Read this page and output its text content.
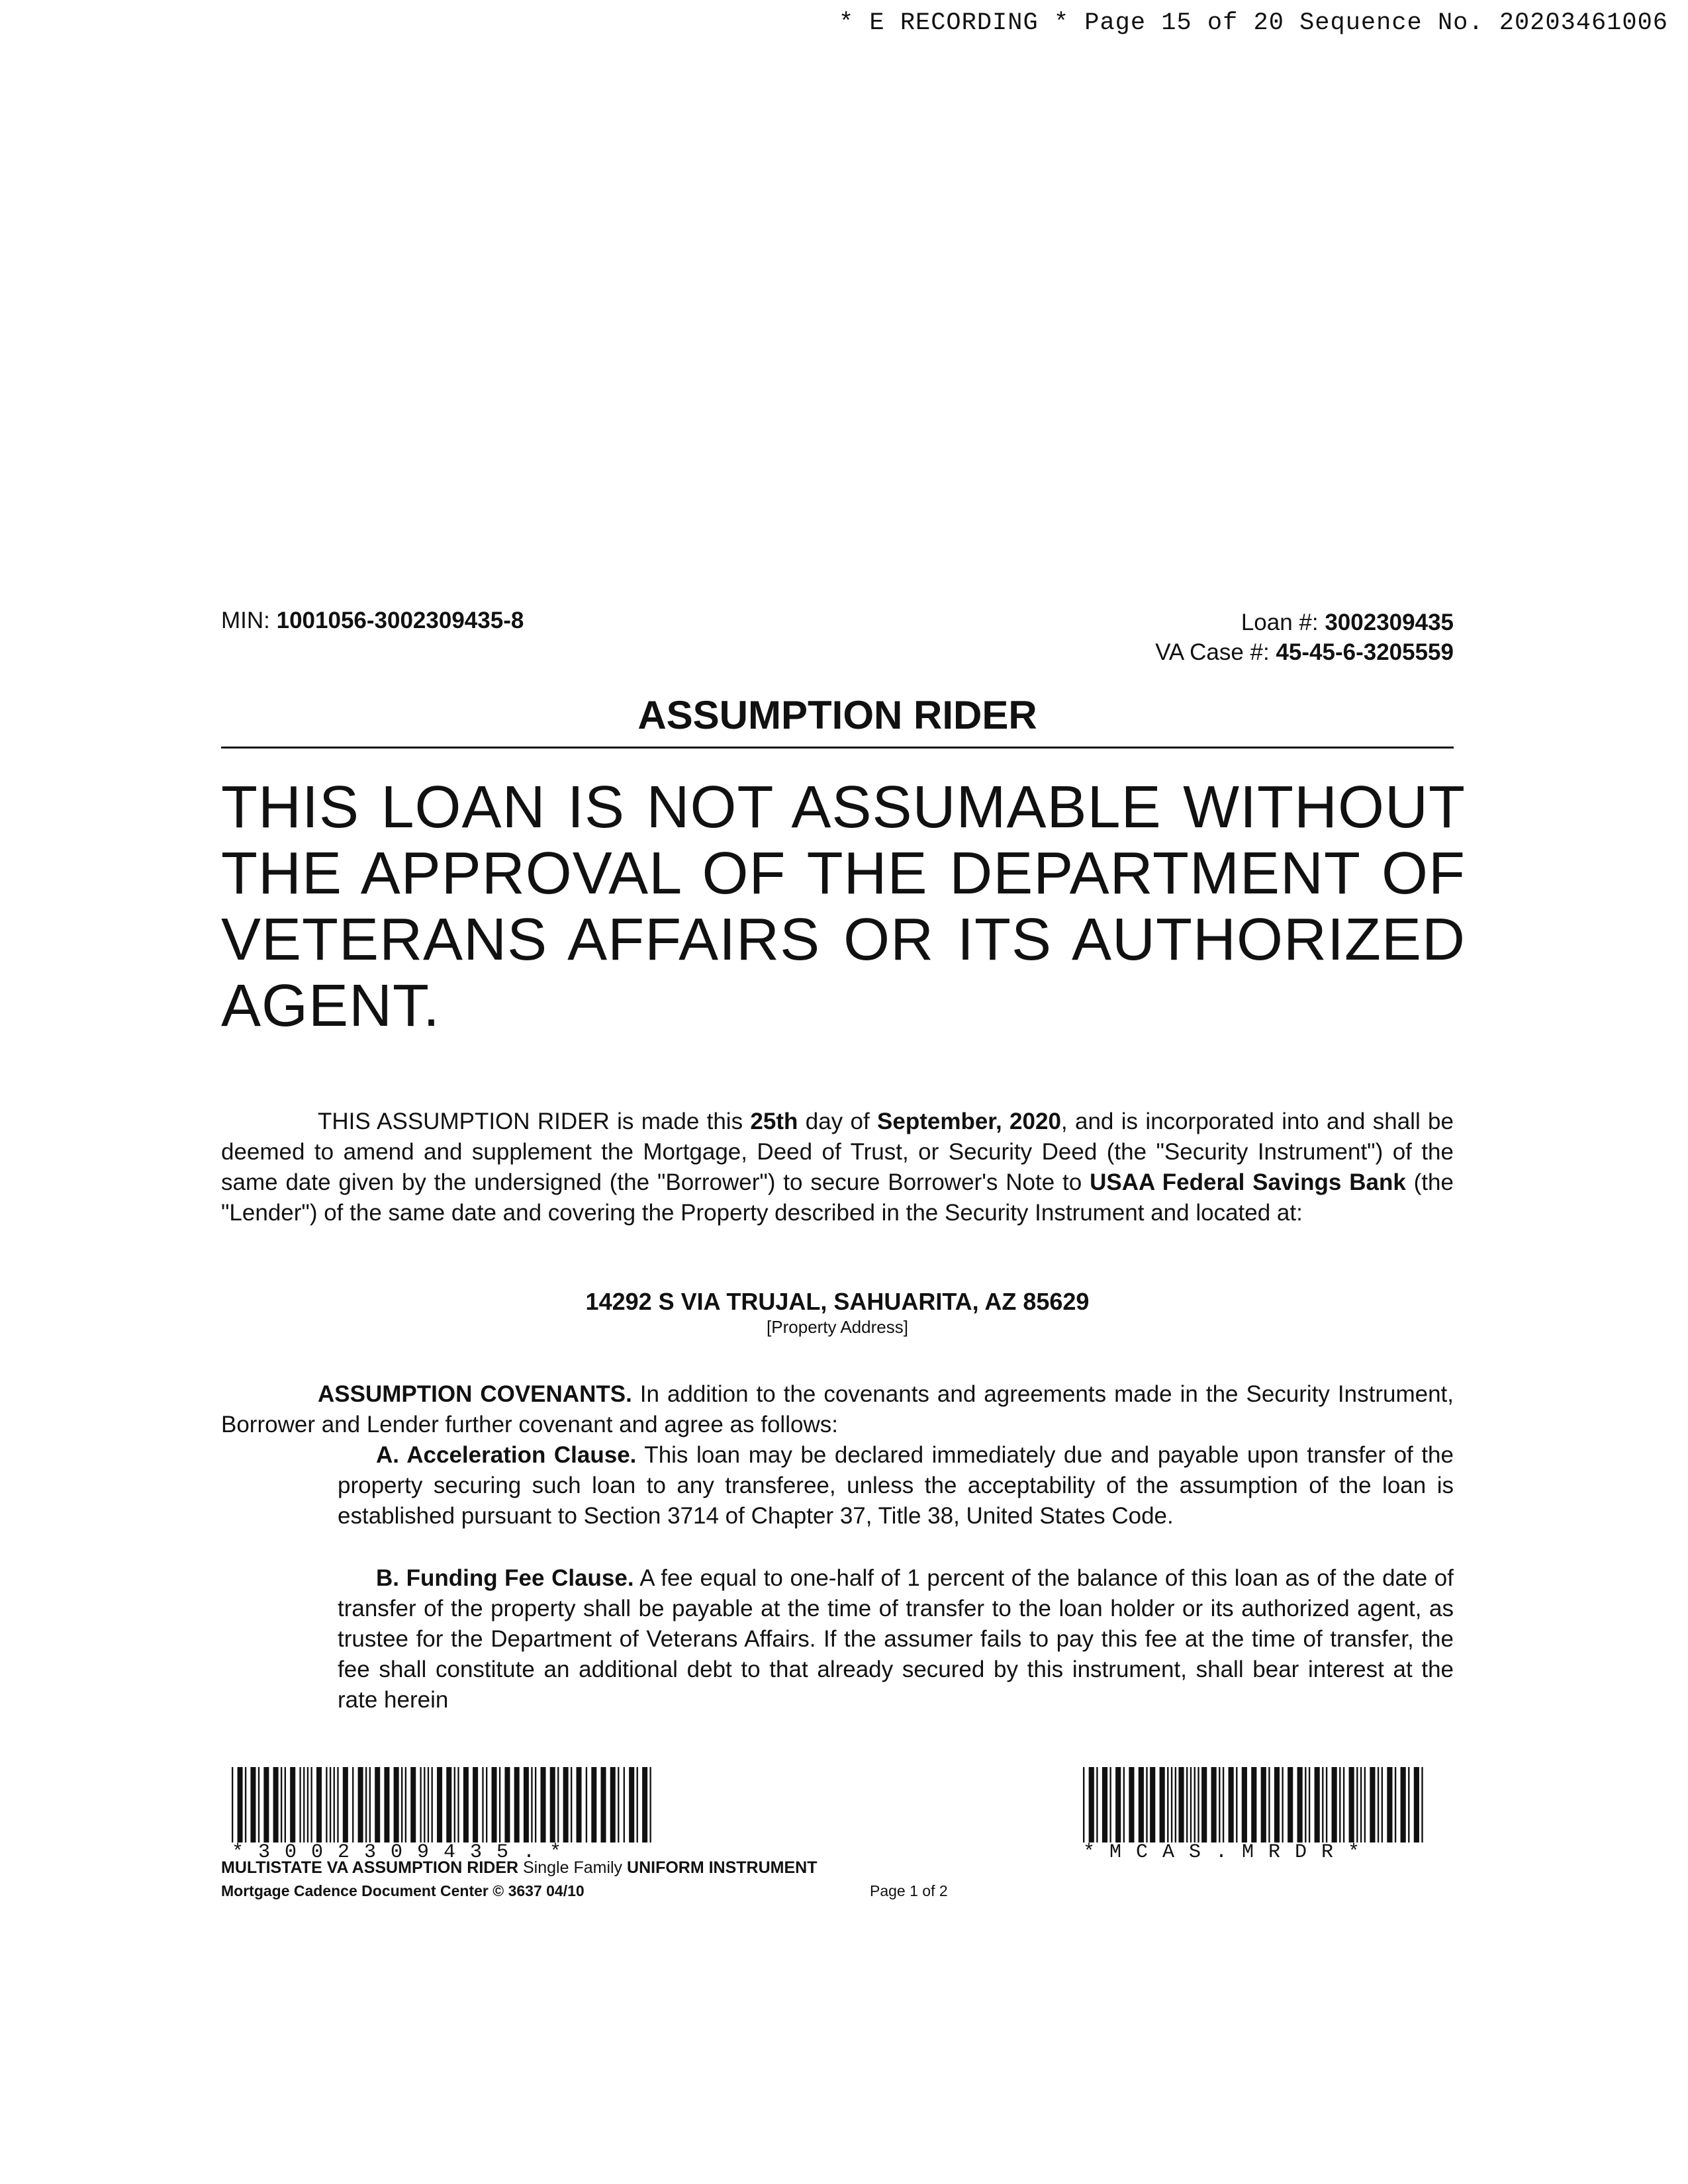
* E RECORDING * Page 15 of 20 Sequence No. 20203461006
MIN: 1001056-3002309435-8	Loan #: 3002309435
VA Case #: 45-45-6-3205559
ASSUMPTION RIDER
THIS LOAN IS NOT ASSUMABLE WITHOUT THE APPROVAL OF THE DEPARTMENT OF VETERANS AFFAIRS OR ITS AUTHORIZED AGENT.
THIS ASSUMPTION RIDER is made this 25th day of September, 2020, and is incorporated into and shall be deemed to amend and supplement the Mortgage, Deed of Trust, or Security Deed (the "Security Instrument") of the same date given by the undersigned (the "Borrower") to secure Borrower's Note to USAA Federal Savings Bank (the "Lender") of the same date and covering the Property described in the Security Instrument and located at:
14292 S VIA TRUJAL, SAHUARITA, AZ 85629
[Property Address]
ASSUMPTION COVENANTS. In addition to the covenants and agreements made in the Security Instrument, Borrower and Lender further covenant and agree as follows:
A. Acceleration Clause. This loan may be declared immediately due and payable upon transfer of the property securing such loan to any transferee, unless the acceptability of the assumption of the loan is established pursuant to Section 3714 of Chapter 37, Title 38, United States Code.
B. Funding Fee Clause. A fee equal to one-half of 1 percent of the balance of this loan as of the date of transfer of the property shall be payable at the time of transfer to the loan holder or its authorized agent, as trustee for the Department of Veterans Affairs. If the assumer fails to pay this fee at the time of transfer, the fee shall constitute an additional debt to that already secured by this instrument, shall bear interest at the rate herein
*3002309435.*	*MCAS.MRDR*
MULTISTATE VA ASSUMPTION RIDER Single Family UNIFORM INSTRUMENT
Mortgage Cadence Document Center © 3637 04/10	Page 1 of 2
